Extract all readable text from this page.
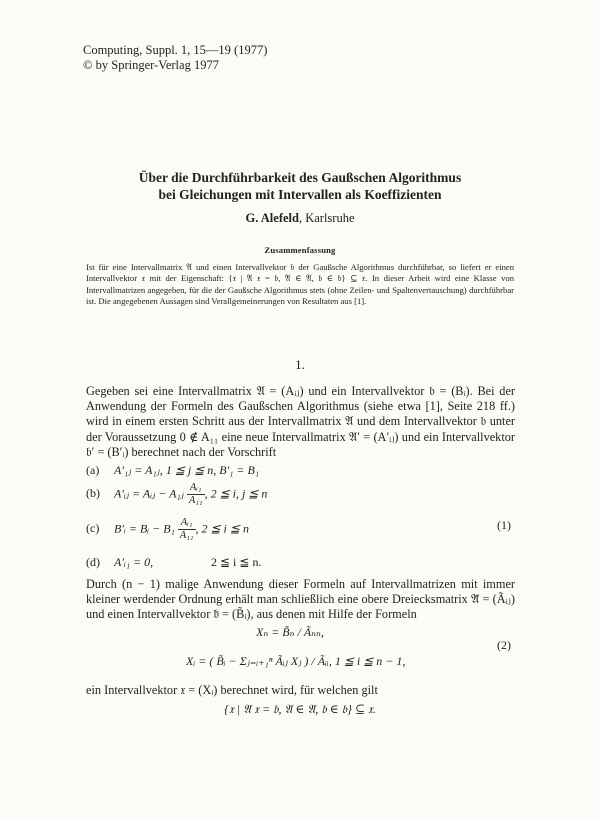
Computing, Suppl. 1, 15—19 (1977)
© by Springer-Verlag 1977
Über die Durchführbarkeit des Gaußschen Algorithmus
bei Gleichungen mit Intervallen als Koeffizienten
G. Alefeld, Karlsruhe
Zusammenfassung
Ist für eine Intervallmatrix 𝔄 und einen Intervallvektor 𝔟 der Gaußsche Algorithmus durchführbar, so liefert er einen Intervallvektor 𝔵 mit der Eigenschaft: {𝔵 | 𝔄 𝔵 = 𝔟, 𝔄 ∈ 𝔄, 𝔟 ∈ 𝔟} ⊆ 𝔵. In dieser Arbeit wird eine Klasse von Intervallmatrizen angegeben, für die der Gaußsche Algorithmus stets (ohne Zeilen- und Spaltenvertauschung) durchführbar ist. Die angegebenen Aussagen sind Verallgemeinerungen von Resultaten aus [1].
1.
Gegeben sei eine Intervallmatrix 𝔄 = (Aᵢⱼ) und ein Intervallvektor 𝔟 = (Bᵢ). Bei der Anwendung der Formeln des Gaußschen Algorithmus (siehe etwa [1], Seite 218 ff.) wird in einem ersten Schritt aus der Intervallmatrix 𝔄 und dem Intervallvektor 𝔟 unter der Voraussetzung 0 ∉ A₁₁ eine neue Intervallmatrix 𝔄′ = (A′ᵢⱼ) und ein Intervallvektor 𝔟′ = (B′ᵢ) berechnet nach der Vorschrift
(a) A′₁ⱼ = A₁ⱼ, 1 ≦ j ≦ n, B′₁ = B₁
(b) A′ᵢⱼ = Aᵢⱼ − A₁ⱼ $\frac{\text{Aᵢ₁}}{\text{A₁₁}}$ , 2 ≦ i, j ≦ n
(c) B′ᵢ = Bᵢ − $B_1 \frac{\text{Aᵢ₁}}{\text{A₁₁}}$ , 2 ≦ i ≦ n	(1)
(d) A′ᵢ₁ = 0,	2 ≦ i ≦ n.
Durch (n − 1) malige Anwendung dieser Formeln auf Intervallmatrizen mit immer kleiner werdender Ordnung erhält man schließlich eine obere Dreiecksmatrix 𝔄̃ = (Ãᵢⱼ) und einen Intervallvektor 𝔟̃ = (B̃ᵢ), aus denen mit Hilfe der Formeln
Xₙ = B̃ₙ / Ãₙₙ,
Xᵢ = ( B̃ᵢ − Σⱼ₌ᵢ₊₁ⁿ Ãᵢⱼ Xⱼ ) / Ãᵢᵢ, 1 ≦ i ≦ n − 1,
(2)
ein Intervallvektor 𝔵 = (Xᵢ) berechnet wird, für welchen gilt
{𝔵 | 𝔄 𝔵 = 𝔟, 𝔄 ∈ 𝔄, 𝔟 ∈ 𝔟} ⊆ 𝔵.
